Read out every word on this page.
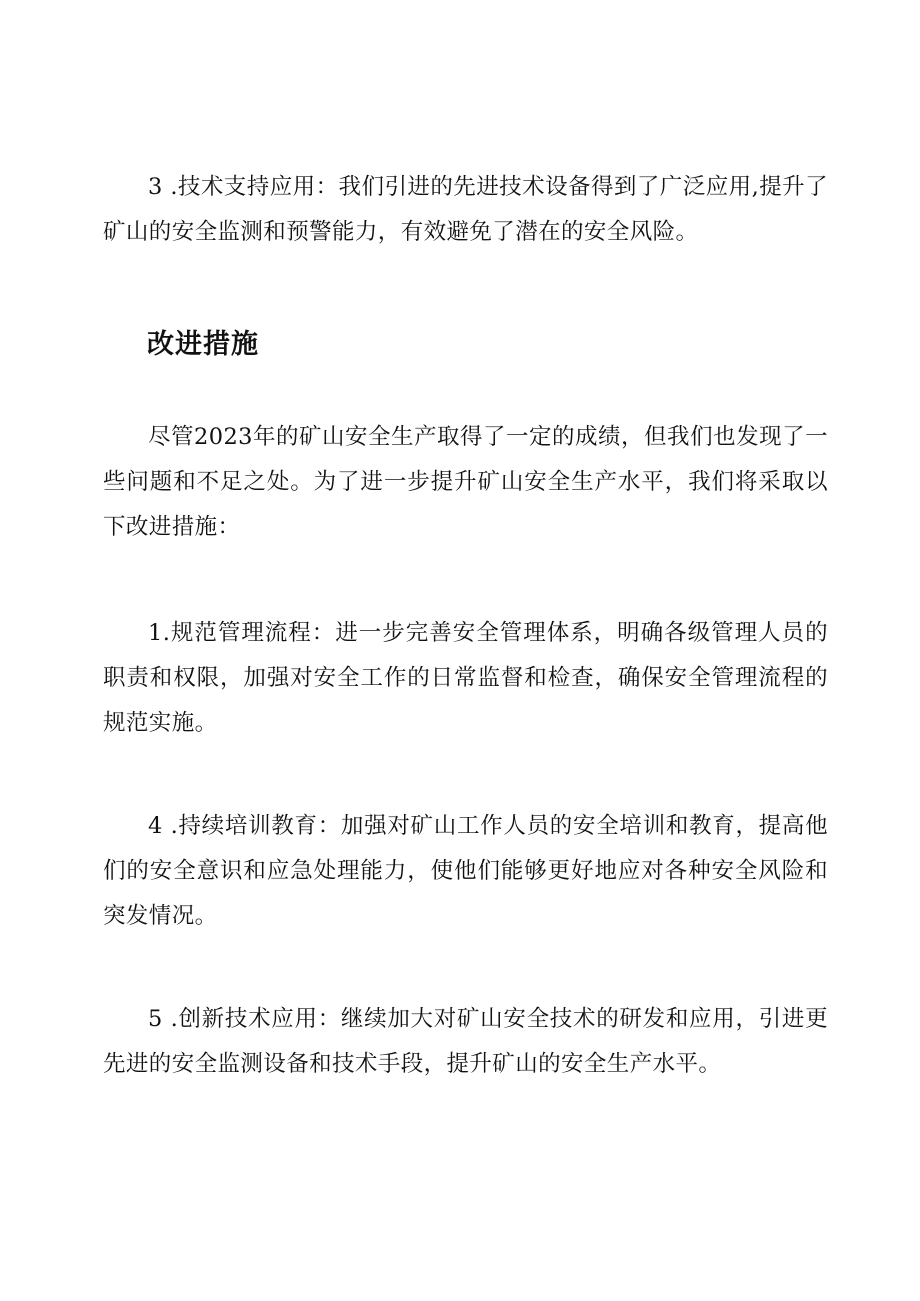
3 .技术支持应用：我们引进的先进技术设备得到了广泛应用,提升了矿山的安全监测和预警能力，有效避免了潜在的安全风险。

改进措施

尽管2023年的矿山安全生产取得了一定的成绩，但我们也发现了一些问题和不足之处。为了进一步提升矿山安全生产水平，我们将采取以下改进措施：

1.规范管理流程：进一步完善安全管理体系，明确各级管理人员的职责和权限，加强对安全工作的日常监督和检查，确保安全管理流程的规范实施。

4 .持续培训教育：加强对矿山工作人员的安全培训和教育，提高他们的安全意识和应急处理能力，使他们能够更好地应对各种安全风险和突发情况。

5 .创新技术应用：继续加大对矿山安全技术的研发和应用，引进更先进的安全监测设备和技术手段，提升矿山的安全生产水平。
